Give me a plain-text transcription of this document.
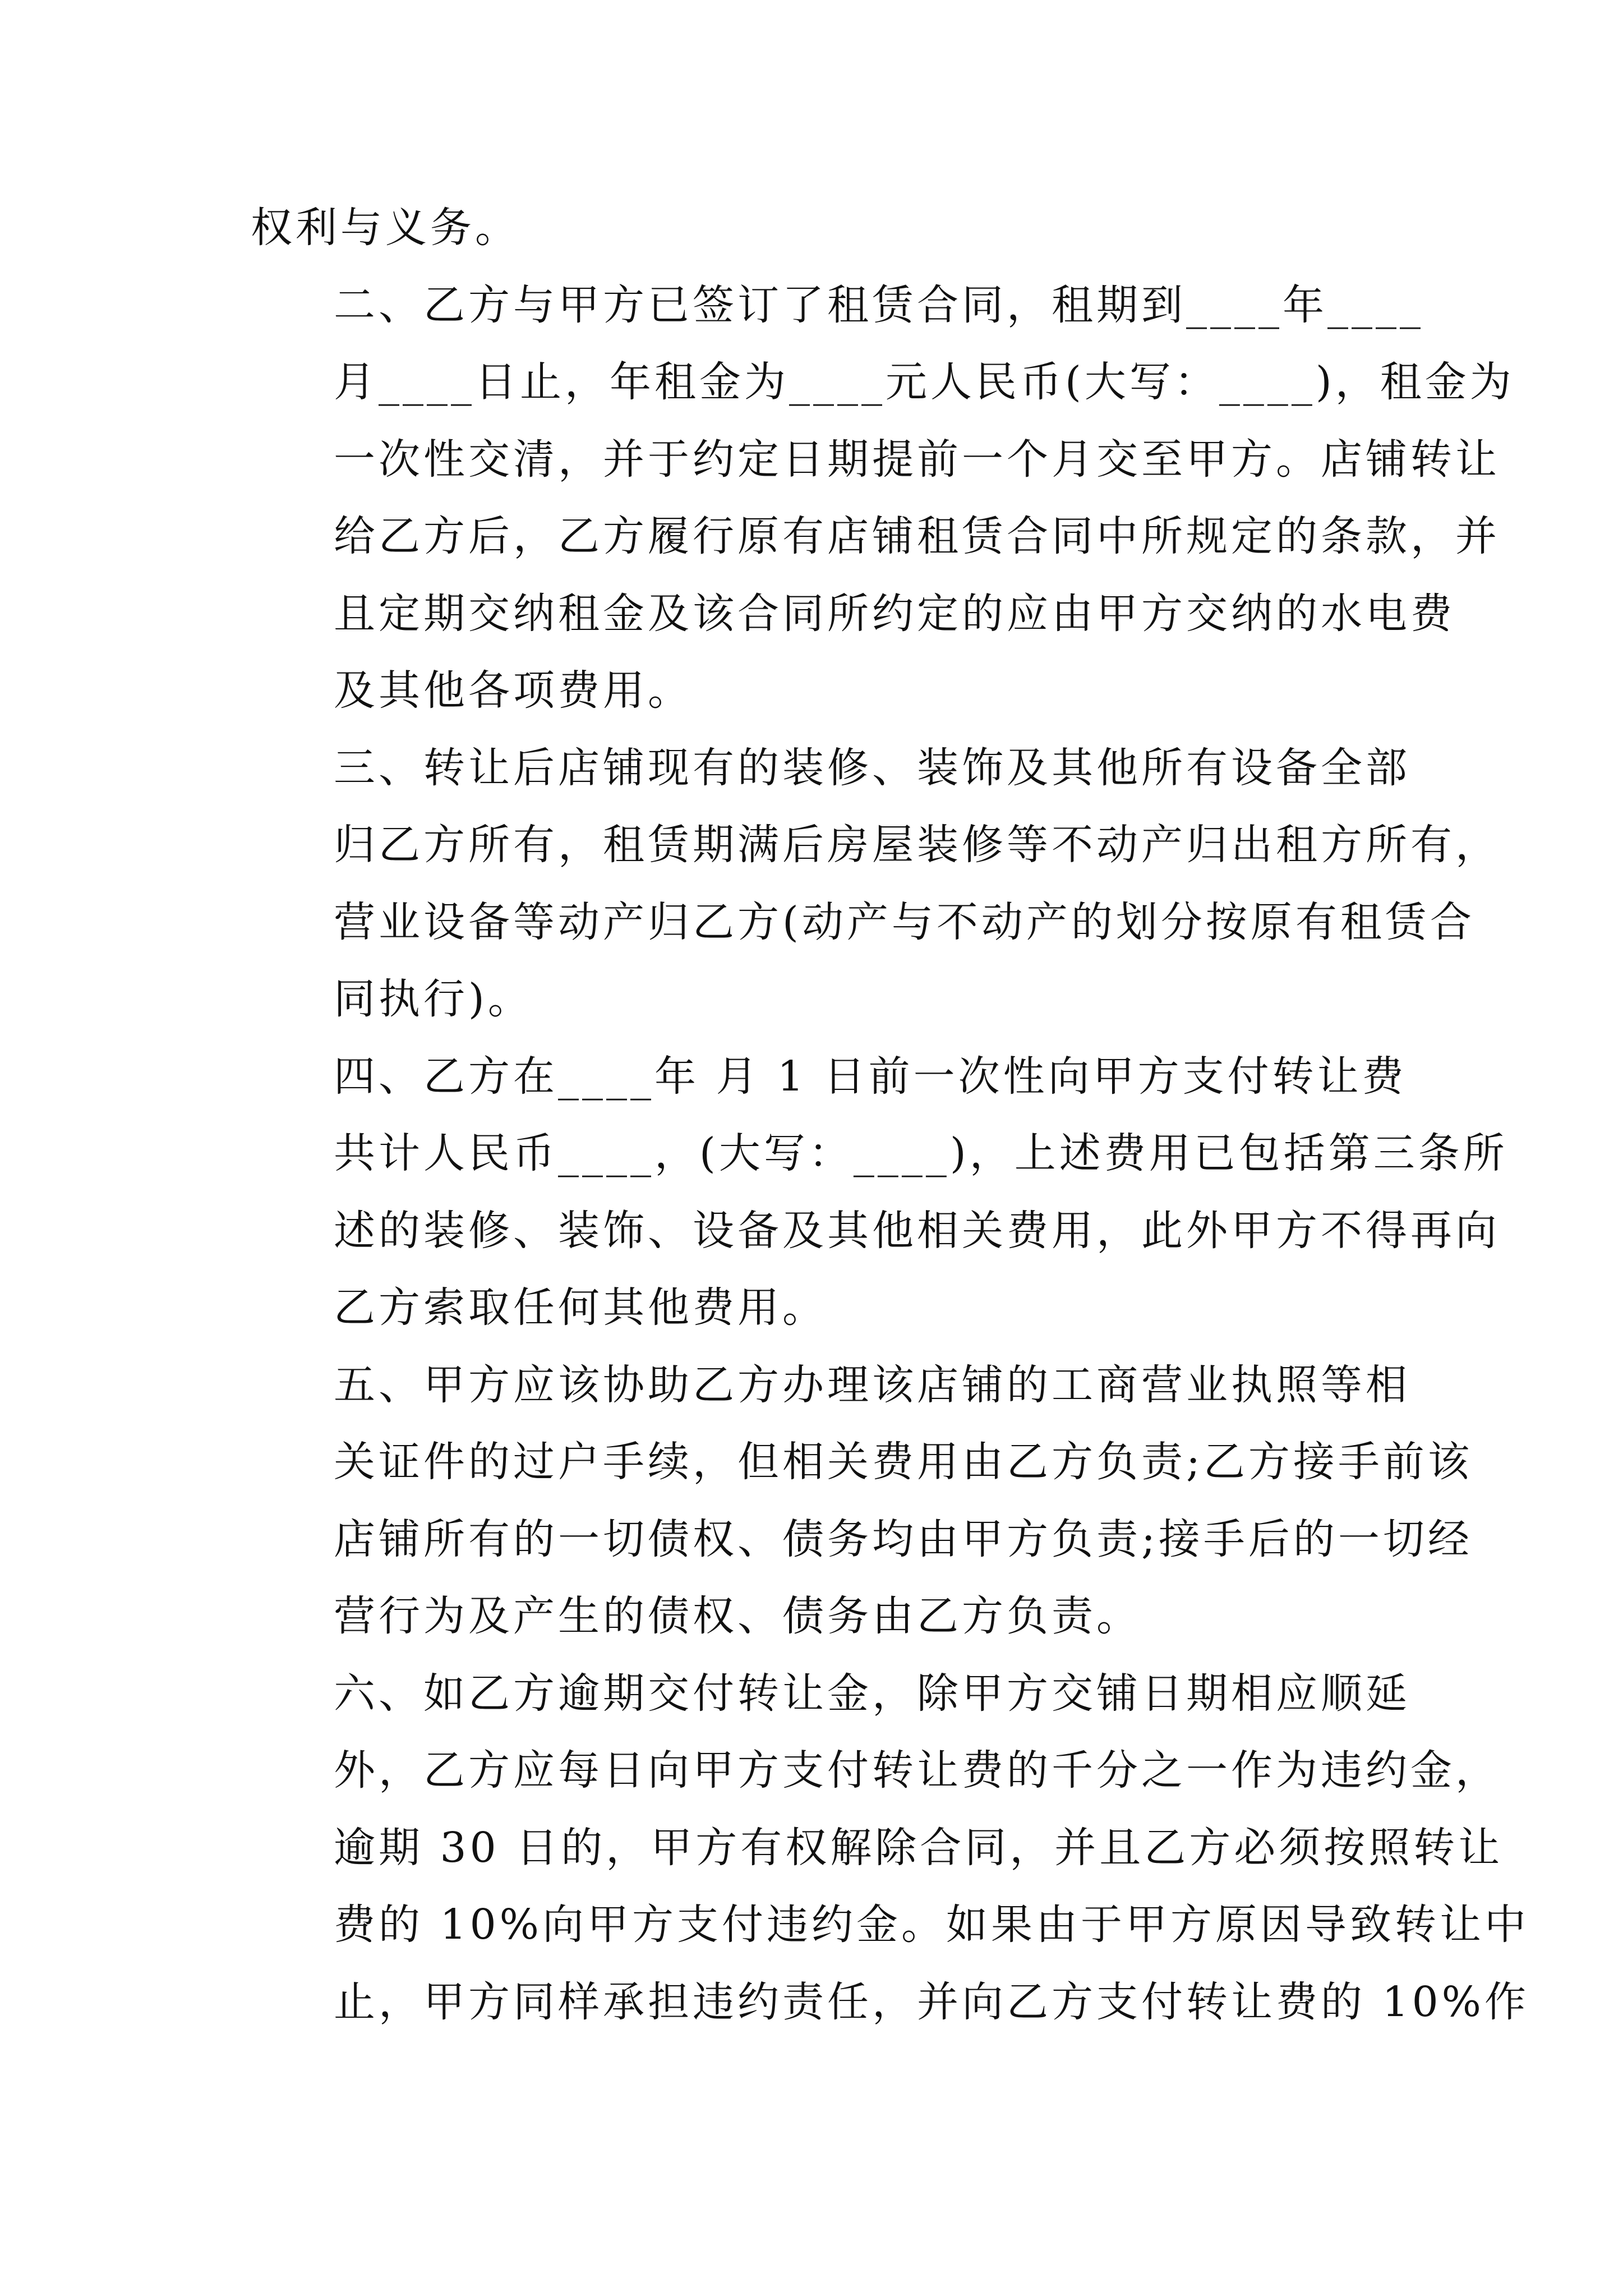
权利与义务。

二、乙方与甲方已签订了租赁合同，租期到____年____
月____日止，年租金为____元人民币(大写：____)，租金为
一次性交清，并于约定日期提前一个月交至甲方。店铺转让
给乙方后，乙方履行原有店铺租赁合同中所规定的条款，并
且定期交纳租金及该合同所约定的应由甲方交纳的水电费
及其他各项费用。

三、转让后店铺现有的装修、装饰及其他所有设备全部
归乙方所有，租赁期满后房屋装修等不动产归出租方所有，
营业设备等动产归乙方(动产与不动产的划分按原有租赁合
同执行)。

四、乙方在____年 月 1 日前一次性向甲方支付转让费
共计人民币____，(大写：____)，上述费用已包括第三条所
述的装修、装饰、设备及其他相关费用，此外甲方不得再向
乙方索取任何其他费用。

五、甲方应该协助乙方办理该店铺的工商营业执照等相
关证件的过户手续，但相关费用由乙方负责;乙方接手前该
店铺所有的一切债权、债务均由甲方负责;接手后的一切经
营行为及产生的债权、债务由乙方负责。

六、如乙方逾期交付转让金，除甲方交铺日期相应顺延
外，乙方应每日向甲方支付转让费的千分之一作为违约金，
逾期 30 日的，甲方有权解除合同，并且乙方必须按照转让
费的 10%向甲方支付违约金。如果由于甲方原因导致转让中
止，甲方同样承担违约责任，并向乙方支付转让费的 10%作
